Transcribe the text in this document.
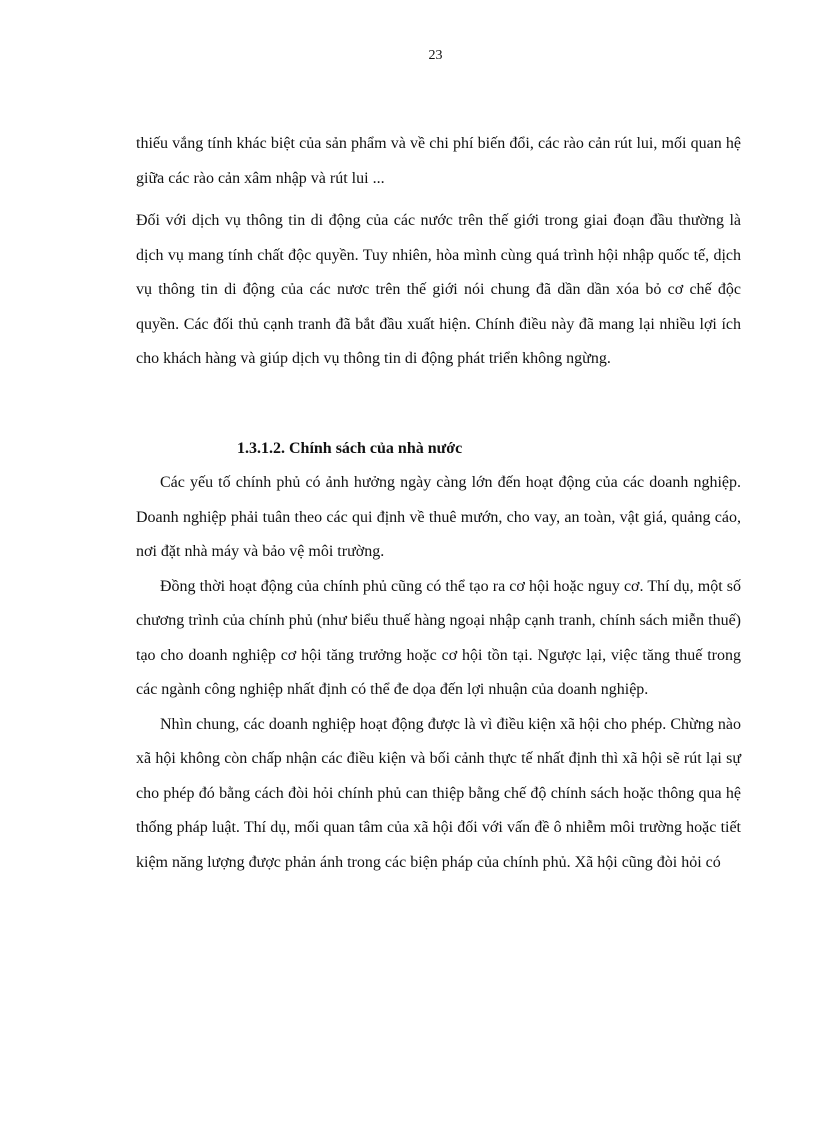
23

thiếu vắng tính khác biệt của sản phẩm và về chi phí biến đổi, các rào cản rút lui, mối quan hệ giữa các rào cản xâm nhập và rút lui ...

Đối với dịch vụ thông tin di động của các nước trên thế giới trong giai đoạn đầu thường là dịch vụ mang tính chất độc quyền. Tuy nhiên, hòa mình cùng quá trình hội nhập quốc tế, dịch vụ thông tin di động của các nươc trên thế giới nói chung đã dần dần xóa bỏ cơ chế độc quyền. Các đối thủ cạnh tranh đã bắt đầu xuất hiện. Chính điều này đã mang lại nhiều lợi ích cho khách hàng và giúp dịch vụ thông tin di động phát triển không ngừng.

1.3.1.2. Chính sách của nhà nước

Các yếu tố chính phủ có ảnh hưởng ngày càng lớn đến hoạt động của các doanh nghiệp. Doanh nghiệp phải tuân theo các qui định về thuê mướn, cho vay, an toàn, vật giá, quảng cáo, nơi đặt nhà máy và bảo vệ môi trường.

Đồng thời hoạt động của chính phủ cũng có thể tạo ra cơ hội hoặc nguy cơ. Thí dụ, một số chương trình của chính phủ (như biểu thuế hàng ngoại nhập cạnh tranh, chính sách miễn thuế) tạo cho doanh nghiệp cơ hội tăng trưởng hoặc cơ hội tồn tại. Ngược lại, việc tăng thuế trong các ngành công nghiệp nhất định có thể đe dọa đến lợi nhuận của doanh nghiệp.

Nhìn chung, các doanh nghiệp hoạt động được là vì điều kiện xã hội cho phép. Chừng nào xã hội không còn chấp nhận các điều kiện và bối cảnh thực tế nhất định thì xã hội sẽ rút lại sự cho phép đó bằng cách đòi hỏi chính phủ can thiệp bằng chế độ chính sách hoặc thông qua hệ thống pháp luật. Thí dụ, mối quan tâm của xã hội đối với vấn đề ô nhiễm môi trường hoặc tiết kiệm năng lượng được phản ánh trong các biện pháp của chính phủ. Xã hội cũng đòi hỏi có
